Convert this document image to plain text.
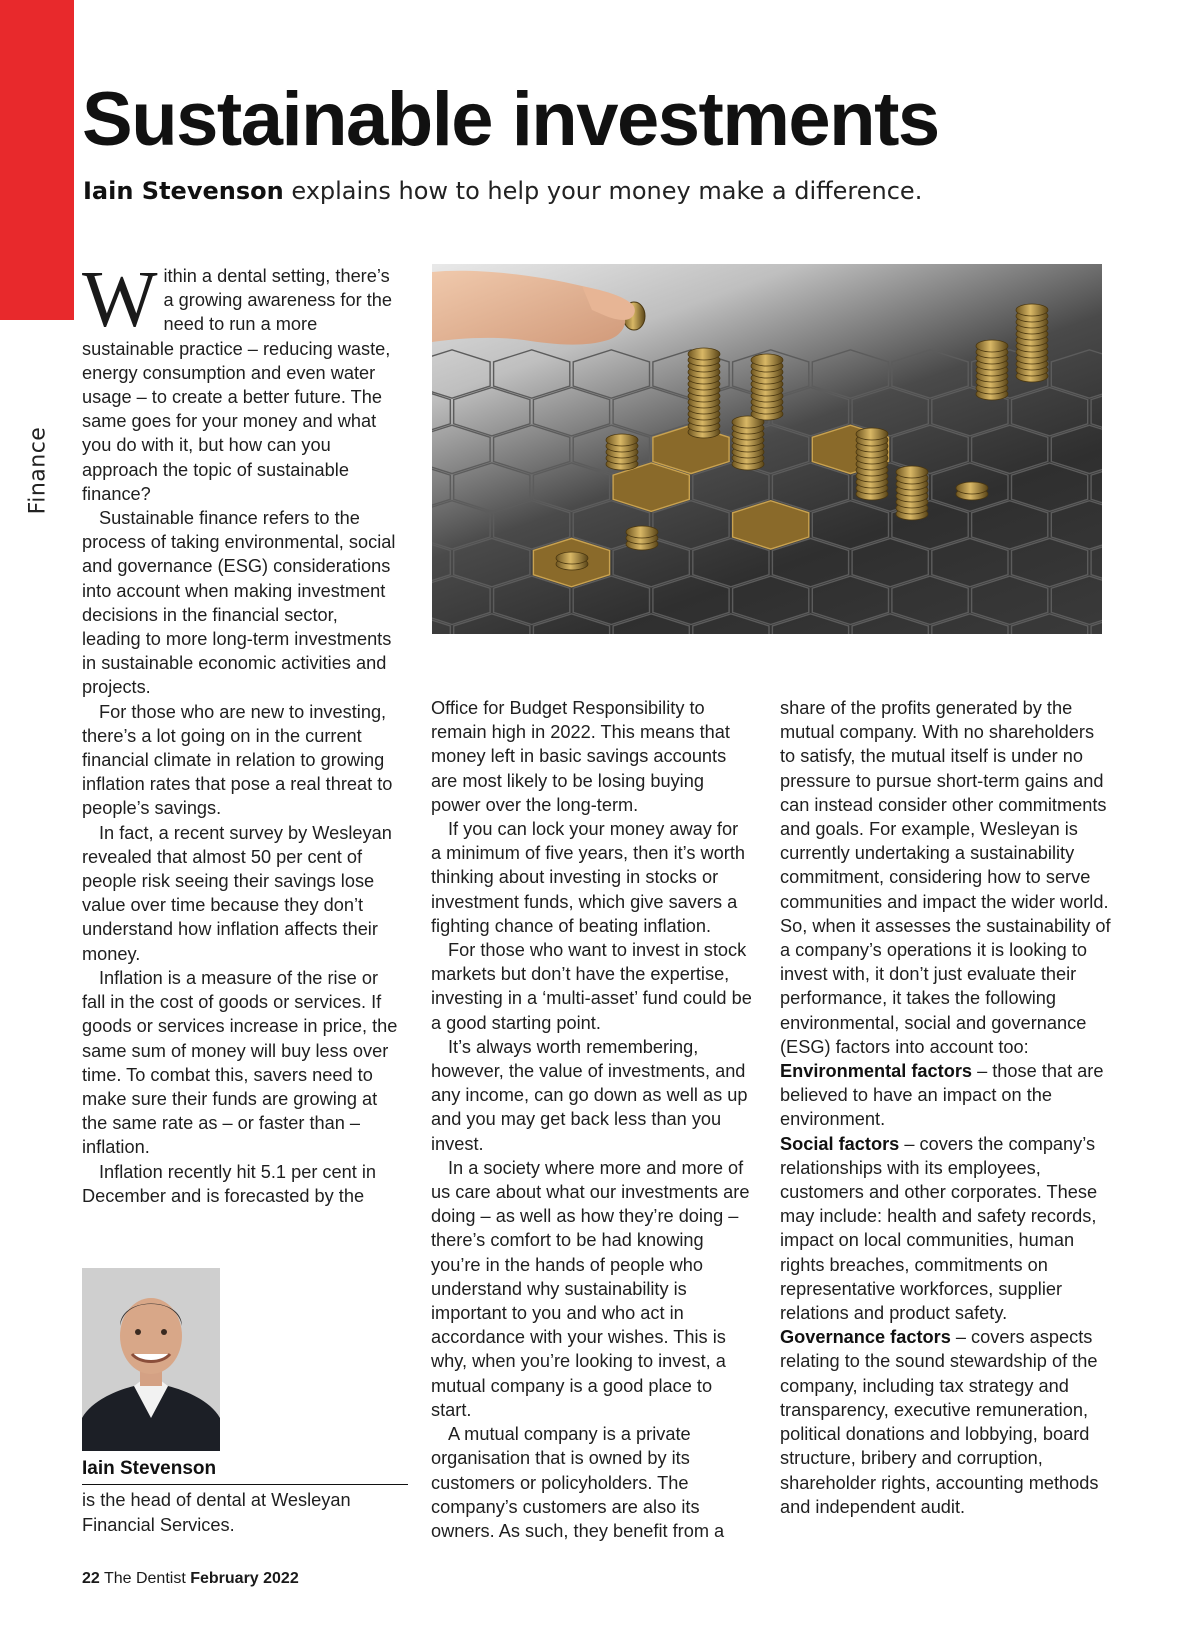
Finance
Sustainable investments
Iain Stevenson explains how to help your money make a difference.

Within a dental setting, there’s a growing awareness for the need to run a more sustainable practice – reducing waste, energy consumption and even water usage – to create a better future. The same goes for your money and what you do with it, but how can you approach the topic of sustainable finance?

Sustainable finance refers to the process of taking environmental, social and governance (ESG) considerations into account when making investment decisions in the financial sector, leading to more long-term investments in sustainable economic activities and projects.

For those who are new to investing, there’s a lot going on in the current financial climate in relation to growing inflation rates that pose a real threat to people’s savings.

In fact, a recent survey by Wesleyan revealed that almost 50 per cent of people risk seeing their savings lose value over time because they don’t understand how inflation affects their money.

Inflation is a measure of the rise or fall in the cost of goods or services. If goods or services increase in price, the same sum of money will buy less over time. To combat this, savers need to make sure their funds are growing at the same rate as – or faster than – inflation.

Inflation recently hit 5.1 per cent in December and is forecasted by the

Office for Budget Responsibility to remain high in 2022. This means that money left in basic savings accounts are most likely to be losing buying power over the long-term.

If you can lock your money away for a minimum of five years, then it’s worth thinking about investing in stocks or investment funds, which give savers a fighting chance of beating inflation.

For those who want to invest in stock markets but don’t have the expertise, investing in a ‘multi-asset’ fund could be a good starting point.

It’s always worth remembering, however, the value of investments, and any income, can go down as well as up and you may get back less than you invest.

In a society where more and more of us care about what our investments are doing – as well as how they’re doing – there’s comfort to be had knowing you’re in the hands of people who understand why sustainability is important to you and who act in accordance with your wishes. This is why, when you’re looking to invest, a mutual company is a good place to start.

A mutual company is a private organisation that is owned by its customers or policyholders. The company’s customers are also its owners. As such, they benefit from a

share of the profits generated by the mutual company. With no shareholders to satisfy, the mutual itself is under no pressure to pursue short-term gains and can instead consider other commitments and goals. For example, Wesleyan is currently undertaking a sustainability commitment, considering how to serve communities and impact the wider world. So, when it assesses the sustainability of a company’s operations it is looking to invest with, it don’t just evaluate their performance, it takes the following environmental, social and governance (ESG) factors into account too:

Environmental factors – those that are believed to have an impact on the environment.

Social factors – covers the company’s relationships with its employees, customers and other corporates. These may include: health and safety records, impact on local communities, human rights breaches, commitments on representative workforces, supplier relations and product safety.

Governance factors – covers aspects relating to the sound stewardship of the company, including tax strategy and transparency, executive remuneration, political donations and lobbying, board structure, bribery and corruption, shareholder rights, accounting methods and independent audit.

Iain Stevenson
is the head of dental at Wesleyan Financial Services.
22 The Dentist February 2022
